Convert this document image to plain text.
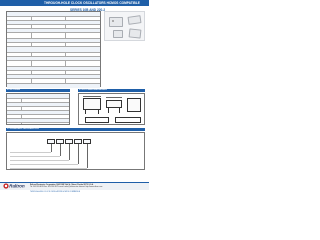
THROUGH-HOLE CLOCK OSCILLATORS HCMOS COMPATIBLE
SERIES 10B AND 220-2
3. OPTIONS	4. OUTLINE/DIMENSIONS
5. ORDERING INFORMATION
Raltron	Raltron Electronics Corporation 10651 NW 19th St., Miami, Florida 33172 U.S.A.
Tel: 305-593-6033 Fax: 305-594-3973 e-mail: sales@raltron.com Internet: http://www.raltron.com
THROUGH-HOLE CLOCK OSCILLATORS HCMOS COMPATIBLE
